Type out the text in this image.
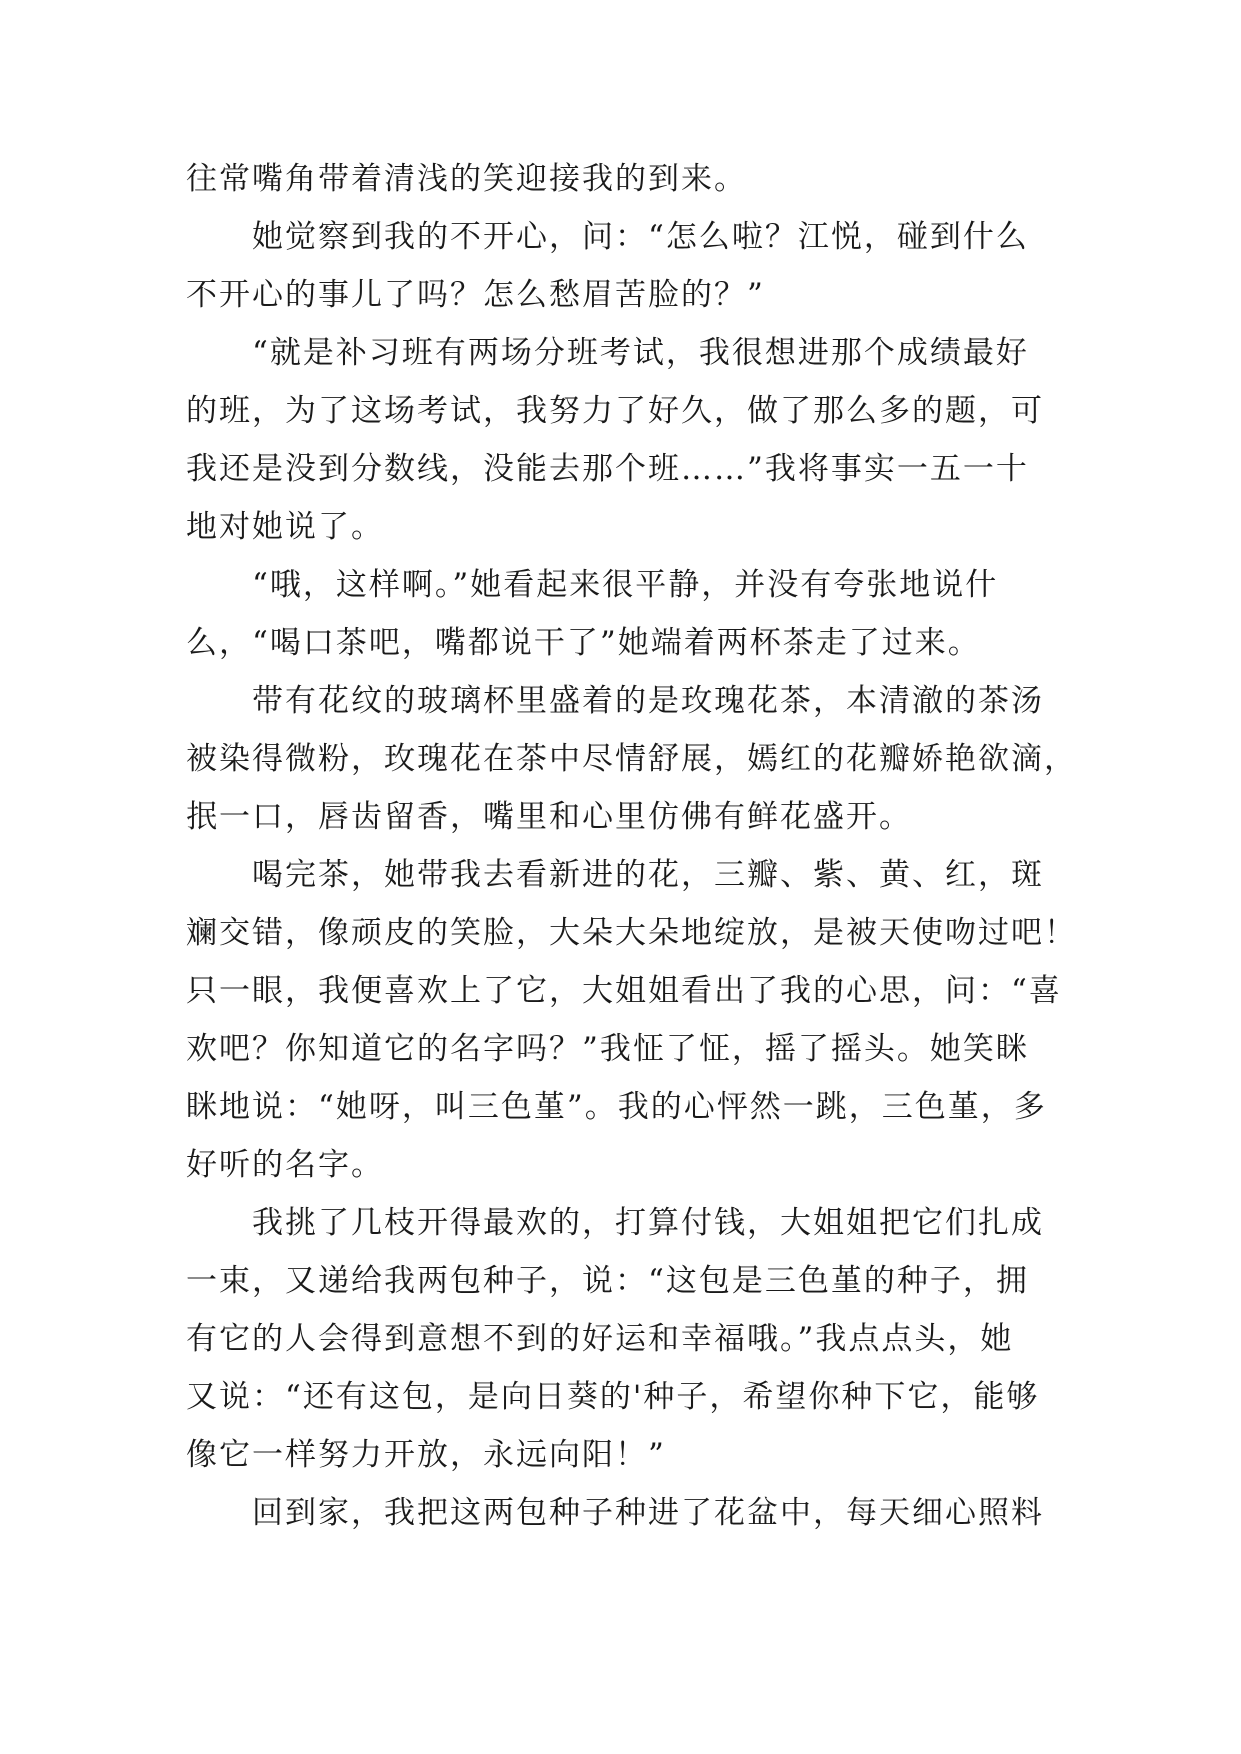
往常嘴角带着清浅的笑迎接我的到来。
她觉察到我的不开心，问：“怎么啦？江悦，碰到什么
不开心的事儿了吗？怎么愁眉苦脸的？”
“就是补习班有两场分班考试，我很想进那个成绩最好
的班，为了这场考试，我努力了好久，做了那么多的题，可
我还是没到分数线，没能去那个班……”我将事实一五一十
地对她说了。
“哦，这样啊。”她看起来很平静，并没有夸张地说什
么，“喝口茶吧，嘴都说干了”她端着两杯茶走了过来。
带有花纹的玻璃杯里盛着的是玫瑰花茶，本清澈的茶汤
被染得微粉，玫瑰花在茶中尽情舒展，嫣红的花瓣娇艳欲滴，
抿一口，唇齿留香，嘴里和心里仿佛有鲜花盛开。
喝完茶，她带我去看新进的花，三瓣、紫、黄、红，斑
斓交错，像顽皮的笑脸，大朵大朵地绽放，是被天使吻过吧！
只一眼，我便喜欢上了它，大姐姐看出了我的心思，问：“喜
欢吧？你知道它的名字吗？”我怔了怔，摇了摇头。她笑眯
眯地说：“她呀，叫三色堇”。我的心怦然一跳，三色堇，多
好听的名字。
我挑了几枝开得最欢的，打算付钱，大姐姐把它们扎成
一束，又递给我两包种子，说：“这包是三色堇的种子，拥
有它的人会得到意想不到的好运和幸福哦。”我点点头，她
又说：“还有这包，是向日葵的'种子，希望你种下它，能够
像它一样努力开放，永远向阳！”
回到家，我把这两包种子种进了花盆中，每天细心照料
